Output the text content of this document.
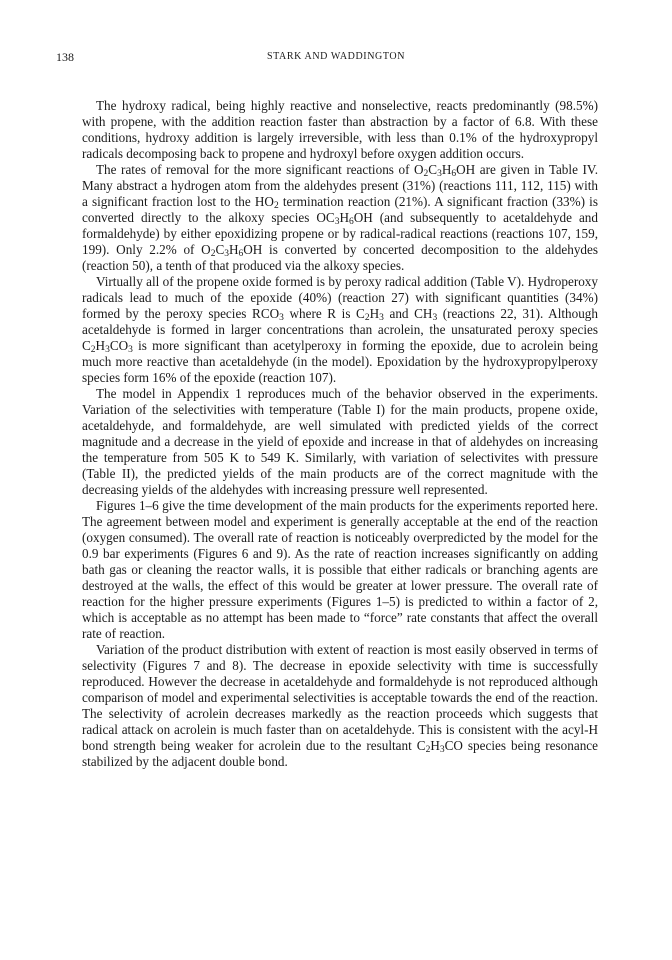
138	STARK AND WADDINGTON

The hydroxy radical, being highly reactive and nonselective, reacts predominantly (98.5%) with propene, with the addition reaction faster than abstraction by a factor of 6.8. With these conditions, hydroxy addition is largely irreversible, with less than 0.1% of the hydroxypropyl radicals decomposing back to propene and hydroxyl before oxygen addition occurs.

The rates of removal for the more significant reactions of $O_2C_3H_6OH$ are given in Table IV. Many abstract a hydrogen atom from the aldehydes present (31%) (reactions 111, 112, 115) with a significant fraction lost to the $HO_2$ termination reaction (21%). A significant fraction (33%) is converted directly to the alkoxy species $OC_3H_6OH$ (and subsequently to acetaldehyde and formaldehyde) by either epoxidizing propene or by radical-radical reactions (reactions 107, 159, 199). Only 2.2% of $O_2C_3H_6OH$ is converted by concerted decomposition to the aldehydes (reaction 50), a tenth of that produced via the alkoxy species.

Virtually all of the propene oxide formed is by peroxy radical addition (Table V). Hydroperoxy radicals lead to much of the epoxide (40%) (reaction 27) with significant quantities (34%) formed by the peroxy species $RCO_3$ where R is $C_2H_3$ and $CH_3$ (reactions 22, 31). Although acetaldehyde is formed in larger concentrations than acrolein, the unsaturated peroxy species $C_2H_3CO_3$ is more significant than acetylperoxy in forming the epoxide, due to acrolein being much more reactive than acetaldehyde (in the model). Epoxidation by the hydroxypropylperoxy species form 16% of the epoxide (reaction 107).

The model in Appendix 1 reproduces much of the behavior observed in the experiments. Variation of the selectivities with temperature (Table I) for the main products, propene oxide, acetaldehyde, and formaldehyde, are well simulated with predicted yields of the correct magnitude and a decrease in the yield of epoxide and increase in that of aldehydes on increasing the temperature from 505 K to 549 K. Similarly, with variation of selectivites with pressure (Table II), the predicted yields of the main products are of the correct magnitude with the decreasing yields of the aldehydes with increasing pressure well represented.

Figures 1–6 give the time development of the main products for the experiments reported here. The agreement between model and experiment is generally acceptable at the end of the reaction (oxygen consumed). The overall rate of reaction is noticeably overpredicted by the model for the 0.9 bar experiments (Figures 6 and 9). As the rate of reaction increases significantly on adding bath gas or cleaning the reactor walls, it is possible that either radicals or branching agents are destroyed at the walls, the effect of this would be greater at lower pressure. The overall rate of reaction for the higher pressure experiments (Figures 1–5) is predicted to within a factor of 2, which is acceptable as no attempt has been made to “force” rate constants that affect the overall rate of reaction.

Variation of the product distribution with extent of reaction is most easily observed in terms of selectivity (Figures 7 and 8). The decrease in epoxide selectivity with time is successfully reproduced. However the decrease in acetaldehyde and formaldehyde is not reproduced although comparison of model and experimental selectivities is acceptable towards the end of the reaction. The selectivity of acrolein decreases markedly as the reaction proceeds which suggests that radical attack on acrolein is much faster than on acetaldehyde. This is consistent with the acyl-H bond strength being weaker for acrolein due to the resultant $C_2H_3CO$ species being resonance stabilized by the adjacent double bond.
